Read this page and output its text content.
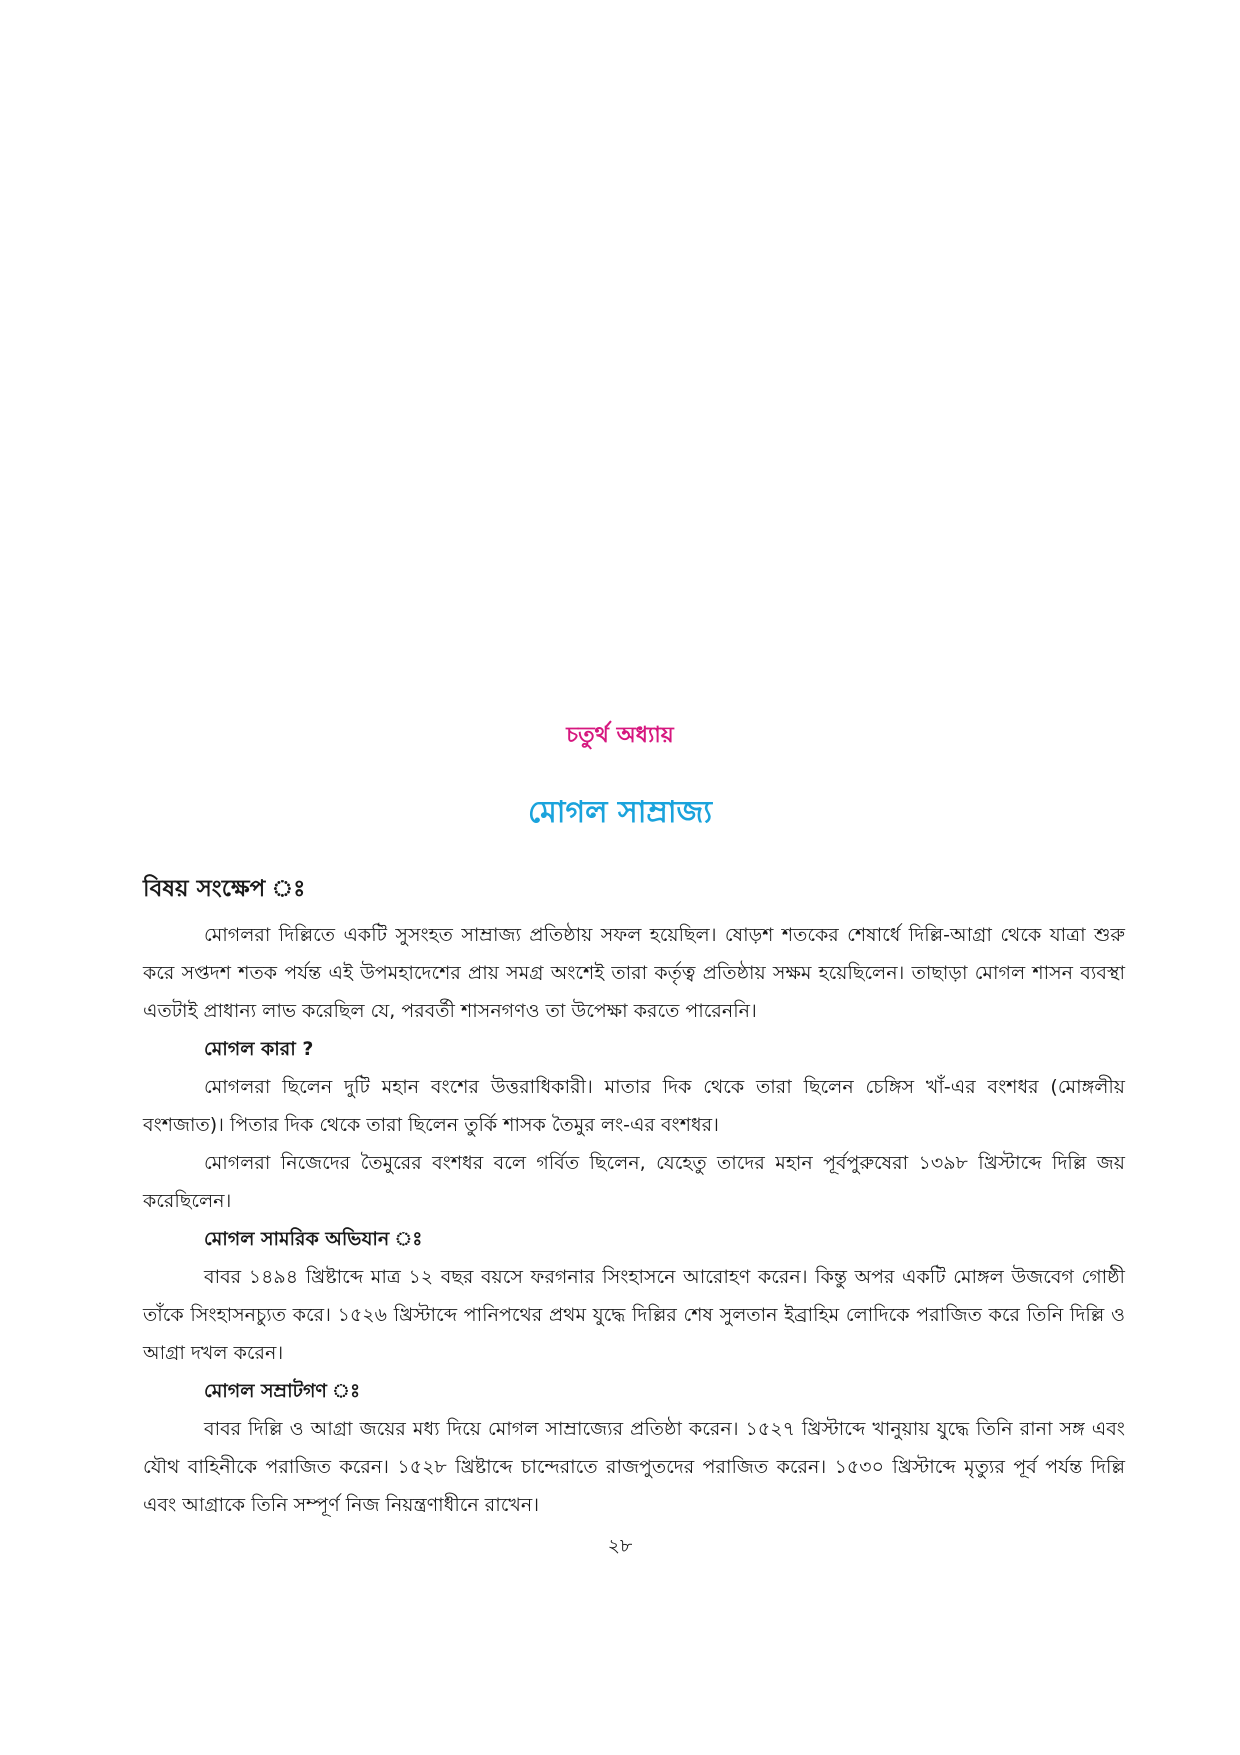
চতুর্থ অধ্যায়
মোগল সাম্রাজ্য
বিষয় সংক্ষেপ ঃ

মোগলরা দিল্লিতে একটি সুসংহত সাম্রাজ্য প্রতিষ্ঠায় সফল হয়েছিল। ষোড়শ শতকের শেষার্ধে দিল্লি-আগ্রা থেকে যাত্রা শুরু করে সপ্তদশ শতক পর্যন্ত এই উপমহাদেশের প্রায় সমগ্র অংশেই তারা কর্তৃত্ব প্রতিষ্ঠায় সক্ষম হয়েছিলেন। তাছাড়া মোগল শাসন ব্যবস্থা এতটাই প্রাধান্য লাভ করেছিল যে, পরবর্তী শাসনগণও তা উপেক্ষা করতে পারেননি।

মোগল কারা ?

মোগলরা ছিলেন দুটি মহান বংশের উত্তরাধিকারী। মাতার দিক থেকে তারা ছিলেন চেঙ্গিস খাঁ-এর বংশধর (মোঙ্গলীয় বংশজাত)। পিতার দিক থেকে তারা ছিলেন তুর্কি শাসক তৈমুর লং-এর বংশধর।

মোগলরা নিজেদের তৈমুরের বংশধর বলে গর্বিত ছিলেন, যেহেতু তাদের মহান পূর্বপুরুষেরা ১৩৯৮ খ্রিস্টাব্দে দিল্লি জয় করেছিলেন।

মোগল সামরিক অভিযান ঃ

বাবর ১৪৯৪ খ্রিষ্টাব্দে মাত্র ১২ বছর বয়সে ফরগনার সিংহাসনে আরোহণ করেন। কিন্তু অপর একটি মোঙ্গল উজবেগ গোষ্ঠী তাঁকে সিংহাসনচ্যুত করে। ১৫২৬ খ্রিস্টাব্দে পানিপথের প্রথম যুদ্ধে দিল্লির শেষ সুলতান ইব্রাহিম লোদিকে পরাজিত করে তিনি দিল্লি ও আগ্রা দখল করেন।

মোগল সম্রাটগণ ঃ

বাবর দিল্লি ও আগ্রা জয়ের মধ্য দিয়ে মোগল সাম্রাজ্যের প্রতিষ্ঠা করেন। ১৫২৭ খ্রিস্টাব্দে খানুয়ায় যুদ্ধে তিনি রানা সঙ্গ এবং যৌথ বাহিনীকে পরাজিত করেন। ১৫২৮ খ্রিষ্টাব্দে চান্দেরাতে রাজপুতদের পরাজিত করেন। ১৫৩০ খ্রিস্টাব্দে মৃত্যুর পূর্ব পর্যন্ত দিল্লি এবং আগ্রাকে তিনি সম্পূর্ণ নিজ নিয়ন্ত্রণাধীনে রাখেন।

২৮
